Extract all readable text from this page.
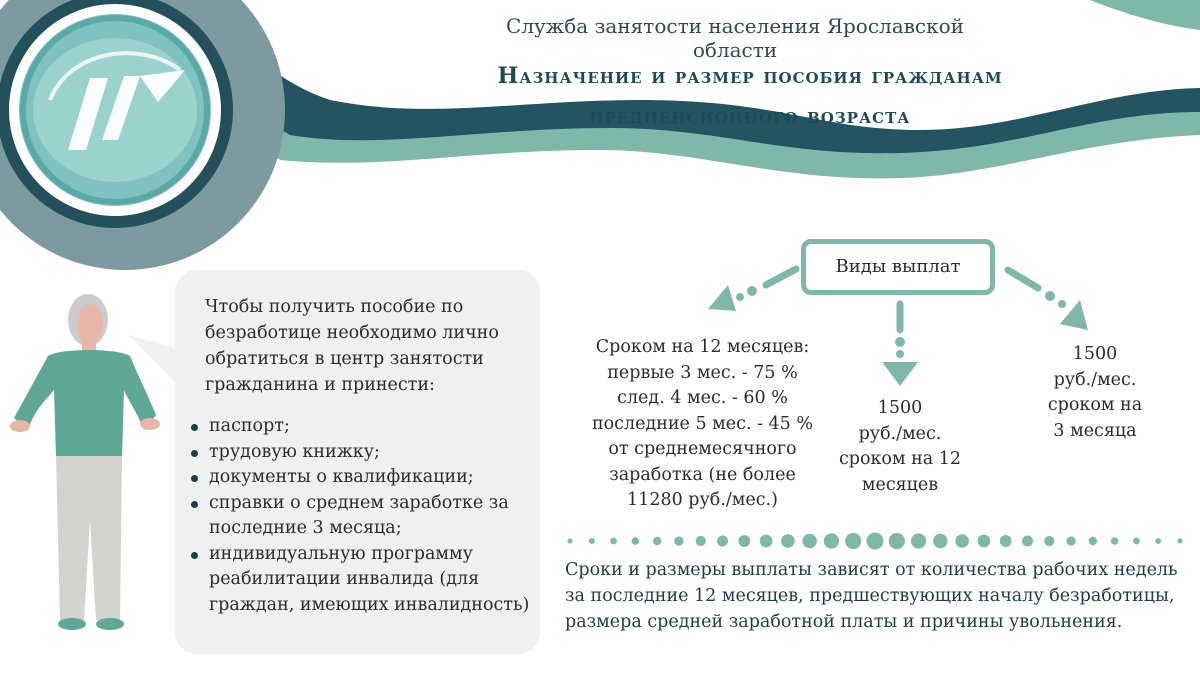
Служба занятости населения Ярославской области
Назначение и размер пособия гражданам
предпенсионного возраста
Чтобы получить пособие по безработице необходимо лично обратиться в центр занятости гражданина и принести:
паспорт;
трудовую книжку;
документы о квалификации;
справки о среднем заработке за последние 3 месяца;
индивидуальную программу реабилитации инвалида (для граждан, имеющих инвалидность)
Виды выплат
Сроком на 12 месяцев:
первые 3 мес. - 75 %
след. 4 мес. - 60 %
последние 5 мес. - 45 %
от среднемесячного
заработка (не более
11280 руб./мес.)
1500
руб./мес.
сроком на 12
месяцев
1500
руб./мес.
сроком на
3 месяца
Сроки и размеры выплаты зависят от количества рабочих недель за последние 12 месяцев, предшествующих началу безработицы, размера средней заработной платы и причины увольнения.
